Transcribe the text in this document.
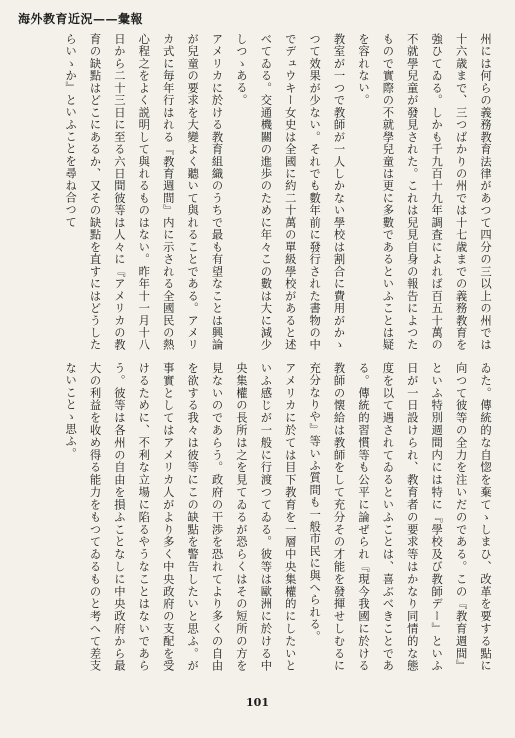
海外教育近況——彙報

州には何らの義務教育法律があつて四分の三以上の州では十六歳まで、三つばかりの州では十七歳までの義務教育を強ひてゐる。しかも千九百十九年調査によれば百五十萬の不就學兒童が發見された。これは兒見自身の報告によつたもので實際の不就學兒童は更に多數であるといふことは疑を容れない。

教室が一つで教師が一人しかない學校は割合に費用がかゝつて效果が少ない。それでも數年前に發行された書物の中でデュウキー女史は全國に約二十萬の單級學校があると述べてゐる。交通機關の進歩のために年々この數は大に減少しつゝある。

アメリカに於ける教育組織のうちで最も有望なことは興論が兒童の要求を大變よく聽いて與れることである。アメリカ式に毎年行はれる『教育週間』内に示される全國民の熱心程之をよく説明して與れるものはない。昨年十一月十八日から二十三日に至る六日間彼等は人々に『アメリカの教育の缺點はどこにあるか、又その缺點を直すにはどうしたらいゝか』といふことを尋ね合つて

ゐた。傳統的な自惚を棄てゝしまひ、改革を要する點に向つて彼等の全力を注いだのである。この『教育週間』といふ特別週間内には特に『學校及び教師デー』といふ日が一日設けられ、教育者の要求等はかなり同情的な態度を以て遇されてゐるといふことは、喜ぶべきことである。傳統的習慣等も公平に論ぜられ『現今我國に於ける教師の懐給は教師をして充分その才能を發揮せしむるに充分なりや』等いふ質問も一般市民に與へられる。

アメリカに於ては目下教育を一層中央集權的にしたいといふ感じが一般に行渡つてゐる。彼等は歐洲に於ける中央集權の長所は之を見てゐるが恐らくはその短所の方を見ないのであらう。政府の干渉を恐れてより多くの自由を欲する我々は彼等にこの缺點を警告したいと思ふ。が事實としてはアメリカ人がより多く中央政府の支配を受けるために、不利な立場に陷るやうなことはないであらう。彼等は各州の自由を損ふことなしに中央政府から最大の利益を收め得る能力をもつてゐるものと考へて差支ないことゝ思ふ。

101
